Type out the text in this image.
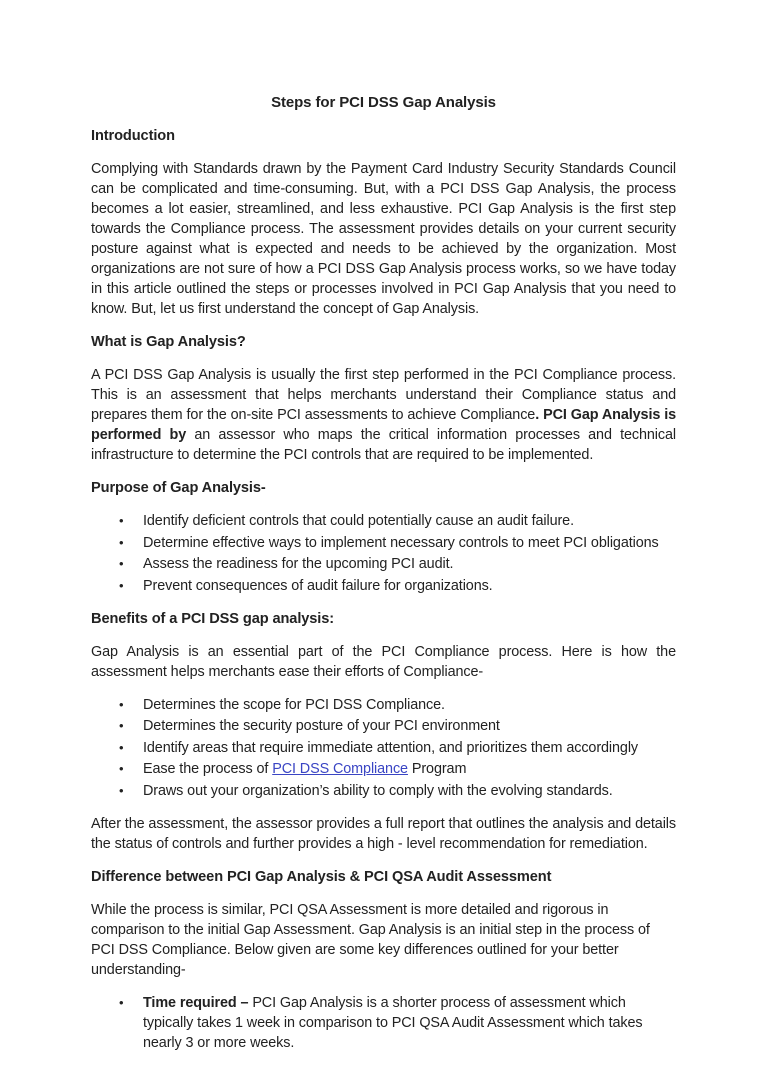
Steps for PCI DSS Gap Analysis
Introduction

Complying with Standards drawn by the Payment Card Industry Security Standards Council can be complicated and time-consuming. But, with a PCI DSS Gap Analysis, the process becomes a lot easier, streamlined, and less exhaustive. PCI Gap Analysis is the first step towards the Compliance process. The assessment provides details on your current security posture against what is expected and needs to be achieved by the organization. Most organizations are not sure of how a PCI DSS Gap Analysis process works, so we have today in this article outlined the steps or processes involved in PCI Gap Analysis that you need to know. But, let us first understand the concept of Gap Analysis.

What is Gap Analysis?

A PCI DSS Gap Analysis is usually the first step performed in the PCI Compliance process. This is an assessment that helps merchants understand their Compliance status and prepares them for the on-site PCI assessments to achieve Compliance. PCI Gap Analysis is performed by an assessor who maps the critical information processes and technical infrastructure to determine the PCI controls that are required to be implemented.

Purpose of Gap Analysis-
• Identify deficient controls that could potentially cause an audit failure.
• Determine effective ways to implement necessary controls to meet PCI obligations
• Assess the readiness for the upcoming PCI audit.
• Prevent consequences of audit failure for organizations.
Benefits of a PCI DSS gap analysis:

Gap Analysis is an essential part of the PCI Compliance process. Here is how the assessment helps merchants ease their efforts of Compliance-

• Determines the scope for PCI DSS Compliance.
• Determines the security posture of your PCI environment
• Identify areas that require immediate attention, and prioritizes them accordingly
• Ease the process of PCI DSS Compliance Program
• Draws out your organization’s ability to comply with the evolving standards.

After the assessment, the assessor provides a full report that outlines the analysis and details the status of controls and further provides a high - level recommendation for remediation.

Difference between PCI Gap Analysis & PCI QSA Audit Assessment

While the process is similar, PCI QSA Assessment is more detailed and rigorous in comparison to the initial Gap Assessment. Gap Analysis is an initial step in the process of PCI DSS Compliance. Below given are some key differences outlined for your better understanding-

• Time required – PCI Gap Analysis is a shorter process of assessment which typically takes 1 week in comparison to PCI QSA Audit Assessment which takes nearly 3 or more weeks.
